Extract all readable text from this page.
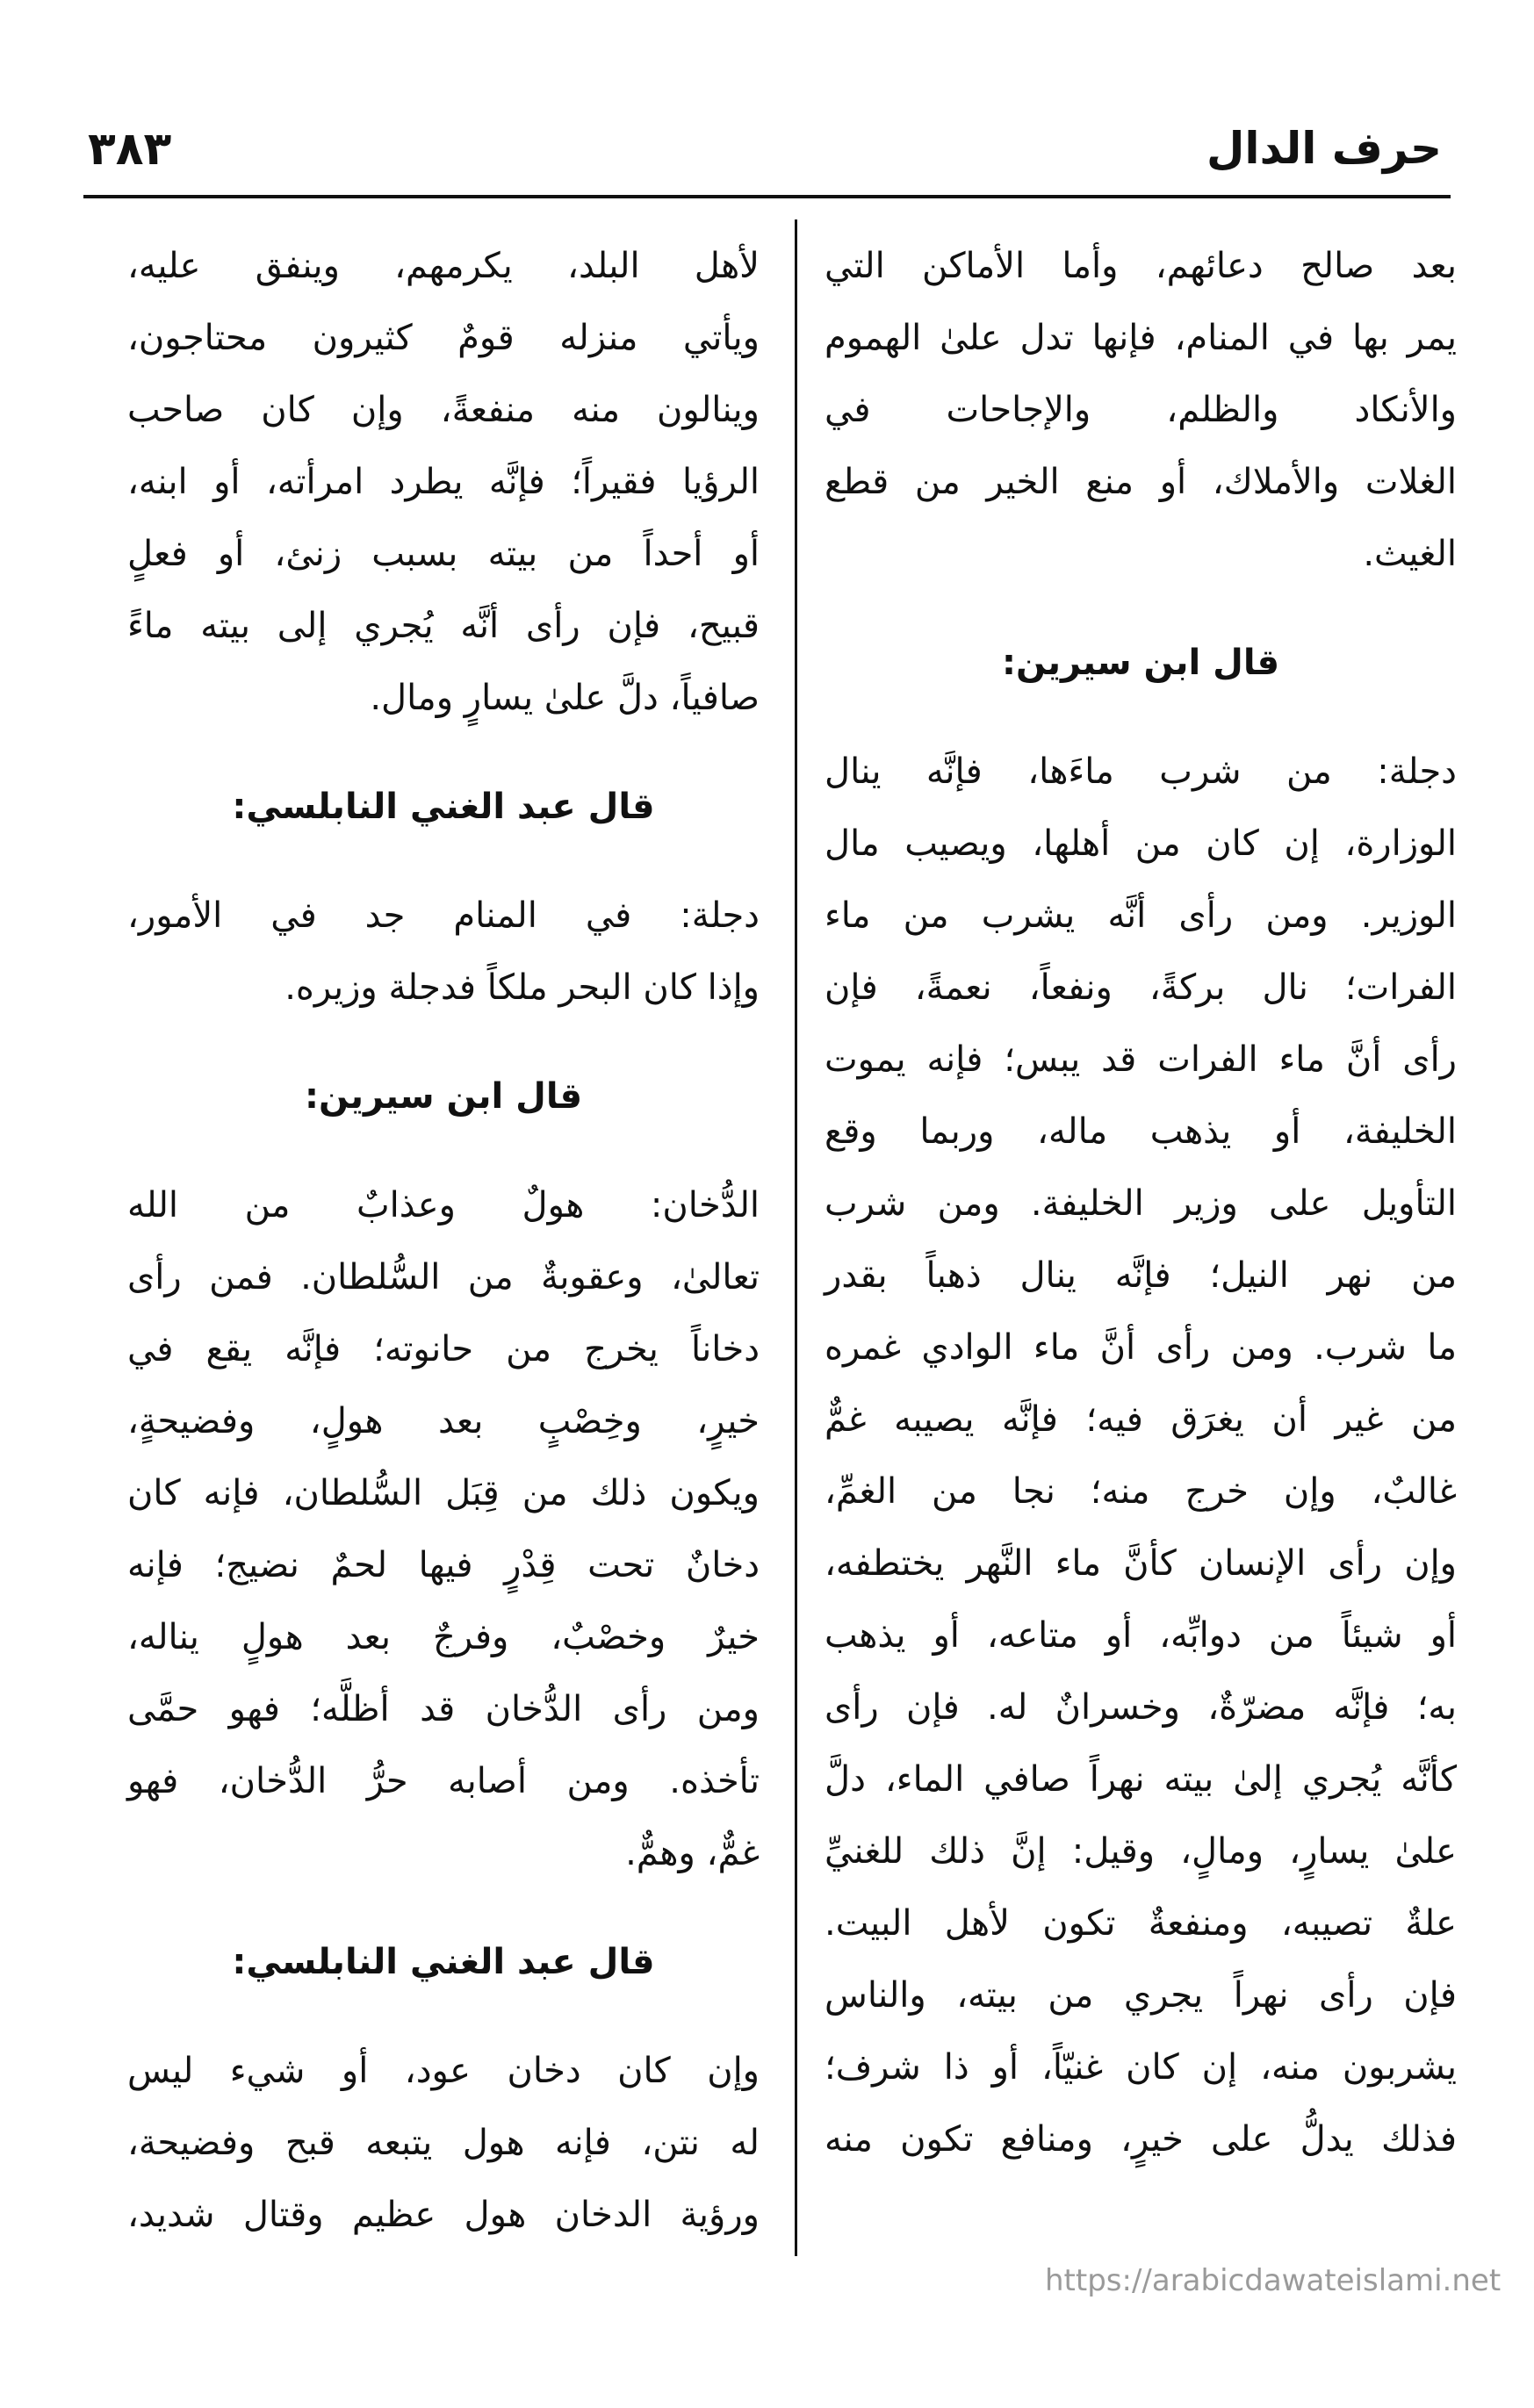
حرف الدال
٣٨٣
بعد صالح دعائهم، وأما الأماكن التي
يمر بها في المنام، فإنها تدل علىٰ الهموم
والأنكاد والظلم، والإجاحات في
الغلات والأملاك، أو منع الخير من قطع
الغيث.
قال ابن سيرين:
دجلة: من شرب ماءَها، فإنَّه ينال
الوزارة، إن كان من أهلها، ويصيب مال
الوزير. ومن رأى أنَّه يشرب من ماء
الفرات؛ نال بركةً، ونفعاً، نعمةً، فإن
رأى أنَّ ماء الفرات قد يبس؛ فإنه يموت
الخليفة، أو يذهب ماله، وربما وقع
التأويل على وزير الخليفة. ومن شرب
من نهر النيل؛ فإنَّه ينال ذهباً بقدر
ما شرب. ومن رأى أنَّ ماء الوادي غمره
من غير أن يغرَق فيه؛ فإنَّه يصيبه غمٌّ
غالبٌ، وإن خرج منه؛ نجا من الغمِّ،
وإن رأى الإنسان كأنَّ ماء النَّهر يختطفه،
أو شيئاً من دوابِّه، أو متاعه، أو يذهب
به؛ فإنَّه مضرّةٌ، وخسرانٌ له. فإن رأى
كأنَّه يُجري إلىٰ بيته نهراً صافي الماء، دلَّ
علىٰ يسارٍ، ومالٍ، وقيل: إنَّ ذلك للغنيِّ
علةٌ تصيبه، ومنفعةٌ تكون لأهل البيت.
فإن رأى نهراً يجري من بيته، والناس
يشربون منه، إن كان غنيّاً، أو ذا شرف؛
فذلك يدلُّ على خيرٍ، ومنافع تكون منه
لأهل البلد، يكرمهم، وينفق عليه،
ويأتي منزله قومٌ كثيرون محتاجون،
وينالون منه منفعةً، وإن كان صاحب
الرؤيا فقيراً؛ فإنَّه يطرد امرأته، أو ابنه،
أو أحداً من بيته بسبب زنئ، أو فعلٍ
قبيح، فإن رأى أنَّه يُجري إلى بيته ماءً
صافياً، دلَّ علىٰ يسارٍ ومال.
قال عبد الغني النابلسي:
دجلة: في المنام جد في الأمور،
وإذا كان البحر ملكاً فدجلة وزيره.
قال ابن سيرين:
الدُّخان: هولٌ وعذابٌ من الله
تعالىٰ، وعقوبةٌ من السُّلطان. فمن رأى
دخاناً يخرج من حانوته؛ فإنَّه يقع في
خيرٍ، وخِصْبٍ بعد هولٍ، وفضيحةٍ،
ويكون ذلك من قِبَل السُّلطان، فإنه كان
دخانٌ تحت قِدْرٍ فيها لحمٌ نضيج؛ فإنه
خيرٌ وخصْبٌ، وفرجٌ بعد هولٍ يناله،
ومن رأى الدُّخان قد أظلَّه؛ فهو حمَّى
تأخذه. ومن أصابه حرُّ الدُّخان، فهو
غمٌّ، وهمٌّ.
قال عبد الغني النابلسي:
وإن كان دخان عود، أو شيء ليس
له نتن، فإنه هول يتبعه قبح وفضيحة،
ورؤية الدخان هول عظيم وقتال شديد،
https://arabicdawateislami.net
